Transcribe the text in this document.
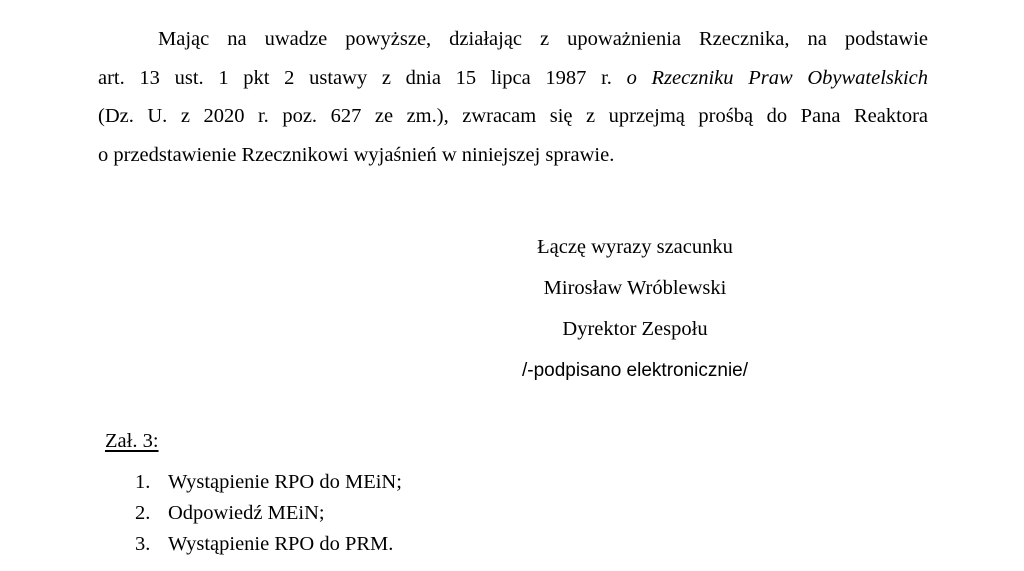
Mając na uwadze powyższe, działając z upoważnienia Rzecznika, na podstawie
art. 13 ust. 1 pkt 2 ustawy z dnia 15 lipca 1987 r. o Rzeczniku Praw Obywatelskich
(Dz. U. z 2020 r. poz. 627 ze zm.), zwracam się z uprzejmą prośbą do Pana Reaktora
o przedstawienie Rzecznikowi wyjaśnień w niniejszej sprawie.

Łączę wyrazy szacunku
Mirosław Wróblewski
Dyrektor Zespołu
/-podpisano elektronicznie/

Zał. 3:

1. Wystąpienie RPO do MEiN;
2. Odpowiedź MEiN;
3. Wystąpienie RPO do PRM.
